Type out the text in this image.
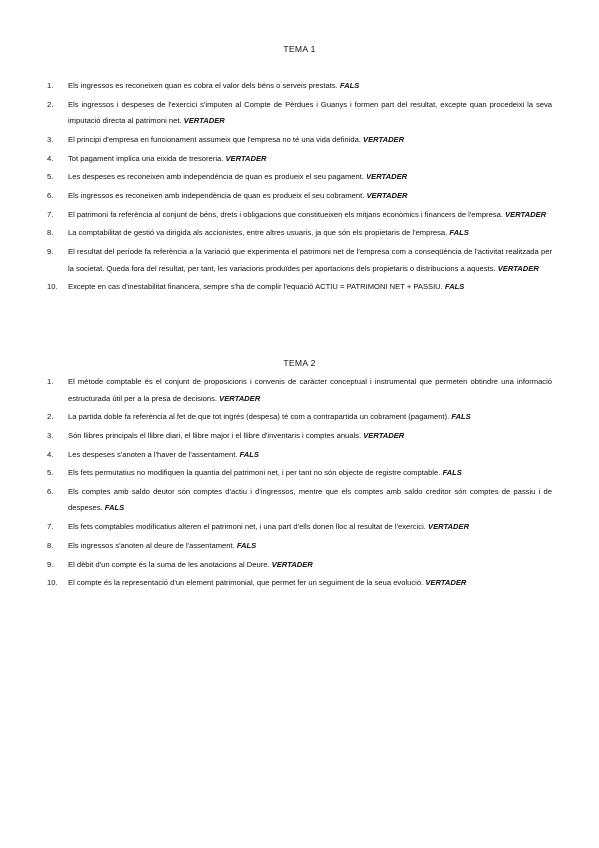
TEMA 1
1. Els ingressos es reconeixen quan es cobra el valor dels béns o serveis prestats. FALS
2. Els ingressos i despeses de l'exercici s'imputen al Compte de Pèrdues i Guanys i formen part del resultat, excepte quan procedeixi la seva imputació directa al patrimoni net. VERTADER
3. El principi d'empresa en funcionament assumeix que l'empresa no té una vida definida. VERTADER
4. Tot pagament implica una eixida de tresoreria. VERTADER
5. Les despeses es reconeixen amb independència de quan es produeix el seu pagament. VERTADER
6. Els ingressos es reconeixen amb independència de quan es produeix el seu cobrament. VERTADER
7. El patrimoni fa referència al conjunt de béns, drets i obligacions que constitueixen els mitjans econòmics i financers de l'empresa. VERTADER
8. La comptabilitat de gestió va dirigida als accionistes, entre altres usuaris, ja que són els propietaris de l'empresa. FALS
9. El resultat del període fa referència a la variació que experimenta el patrimoni net de l'empresa com a conseqüència de l'activitat realitzada per la societat. Queda fora del resultat, per tant, les variacions produïdes per aportacions dels propietaris o distribucions a aquests. VERTADER
10. Excepte en cas d'inestabilitat financera, sempre s'ha de complir l'equació ACTIU = PATRIMONI NET + PASSIU. FALS
TEMA 2
1. El mètode comptable és el conjunt de proposicions i convenis de caràcter conceptual i instrumental que permeten obtindre una informació estructurada útil per a la presa de decisions. VERTADER
2. La partida doble fa referència al fet de que tot ingrés (despesa) té com a contrapartida un cobrament (pagament). FALS
3. Són llibres principals el llibre diari, el llibre major i el llibre d'inventaris i comptes anuals. VERTADER
4. Les despeses s'anoten a l'haver de l'assentament. FALS
5. Els fets permutatius no modifiquen la quantia del patrimoni net, i per tant no són objecte de registre comptable. FALS
6. Els comptes amb saldo deutor són comptes d'actiu i d'ingressos, mentre que els comptes amb saldo creditor són comptes de passiu i de despeses. FALS
7. Els fets comptables modificatius alteren el patrimoni net, i una part d'ells donen lloc al resultat de l'exercici. VERTADER
8. Els ingressos s'anoten al deure de l'assentament. FALS
9. El dèbit d'un compte és la suma de les anotacions al Deure. VERTADER
10. El compte és la representació d'un element patrimonial, que permet fer un seguiment de la seua evolució. VERTADER
